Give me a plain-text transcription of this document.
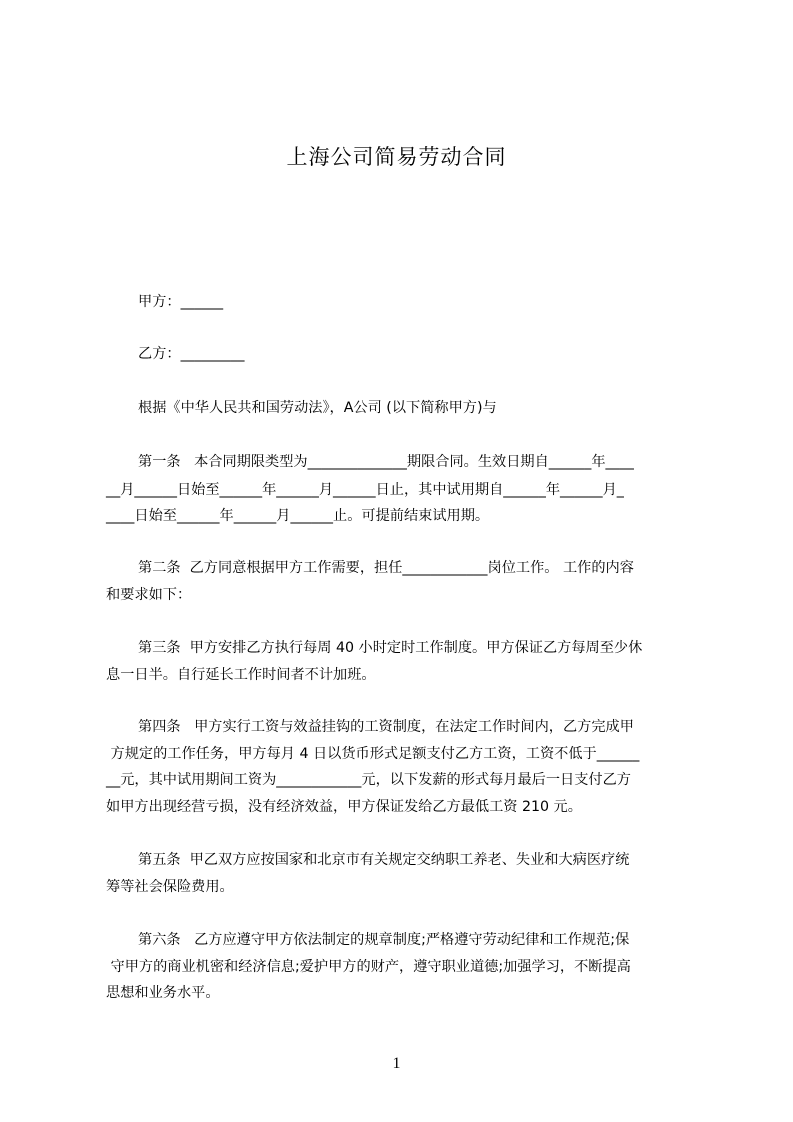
上海公司简易劳动合同
甲方：______
乙方：_________
根据《中华人民共和国劳动法》，A公司 (以下简称甲方)与
第一条   本合同期限类型为______________期限合同。生效日期自______年____
__月______日始至______年______月______日止，其中试用期自______年______月_
____日始至______年______月______止。可提前结束试用期。
第二条  乙方同意根据甲方工作需要，担任____________岗位工作。 工作的内容
和要求如下：
第三条  甲方安排乙方执行每周 40 小时定时工作制度。甲方保证乙方每周至少休
息一日半。自行延长工作时间者不计加班。
第四条   甲方实行工资与效益挂钩的工资制度，在法定工作时间内，乙方完成甲
方规定的工作任务，甲方每月 4 日以货币形式足额支付乙方工资，工资不低于______
__元，其中试用期间工资为____________元，以下发薪的形式每月最后一日支付乙方
如甲方出现经营亏损，没有经济效益，甲方保证发给乙方最低工资 210 元。
第五条  甲乙双方应按国家和北京市有关规定交纳职工养老、失业和大病医疗统
筹等社会保险费用。
第六条   乙方应遵守甲方依法制定的规章制度;严格遵守劳动纪律和工作规范;保
守甲方的商业机密和经济信息;爱护甲方的财产，遵守职业道德;加强学习，不断提高
思想和业务水平。
1
